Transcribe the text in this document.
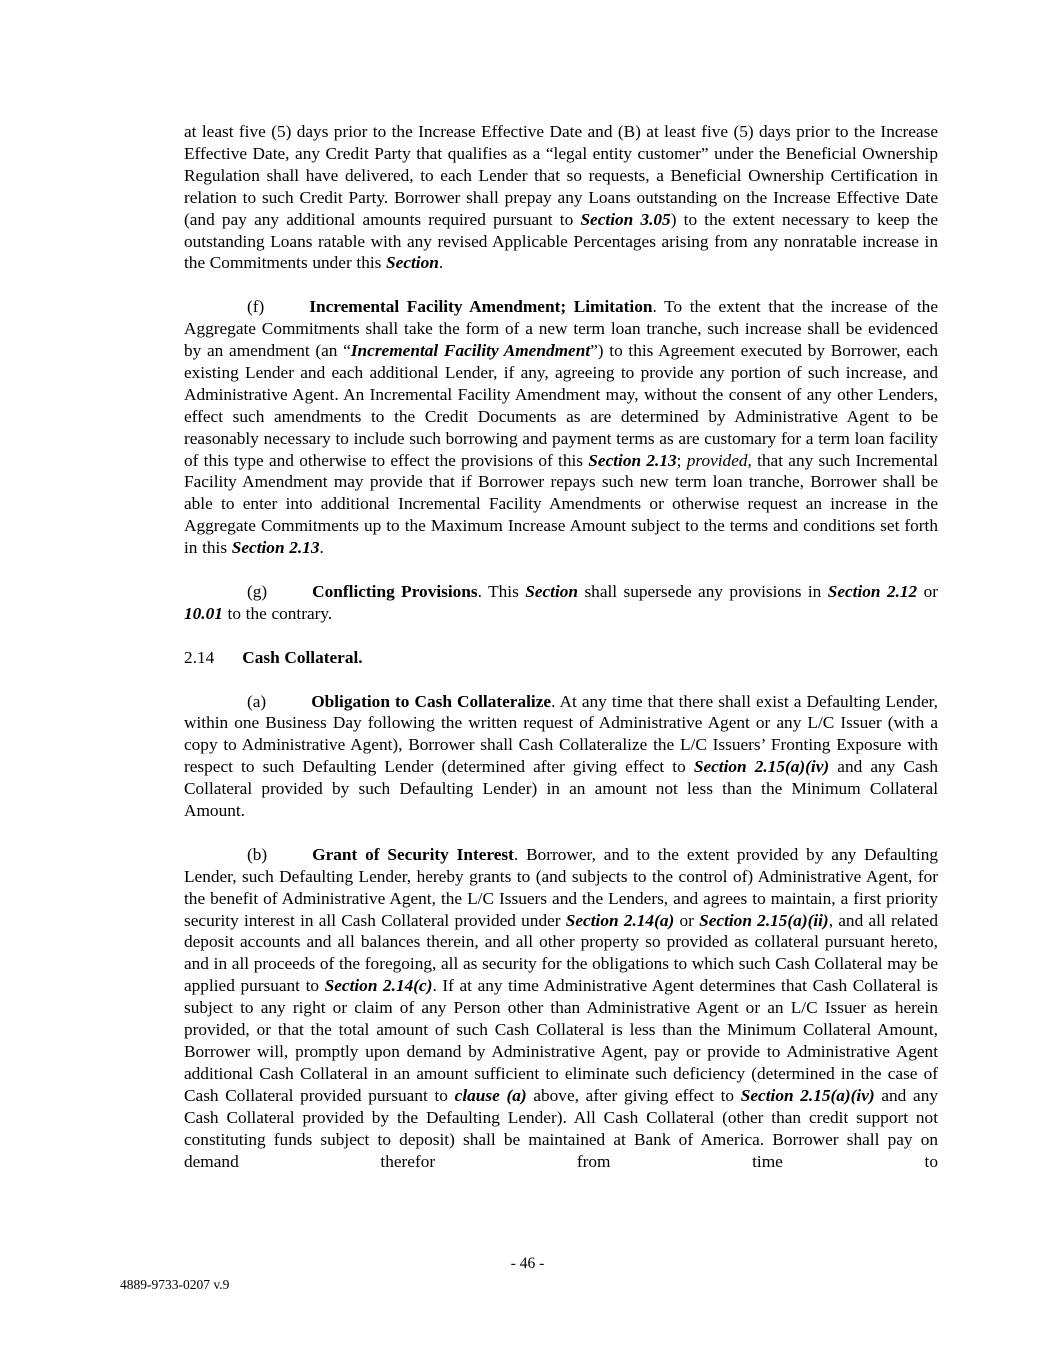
at least five (5) days prior to the Increase Effective Date and (B) at least five (5) days prior to the Increase Effective Date, any Credit Party that qualifies as a “legal entity customer” under the Beneficial Ownership Regulation shall have delivered, to each Lender that so requests, a Beneficial Ownership Certification in relation to such Credit Party. Borrower shall prepay any Loans outstanding on the Increase Effective Date (and pay any additional amounts required pursuant to Section 3.05) to the extent necessary to keep the outstanding Loans ratable with any revised Applicable Percentages arising from any nonratable increase in the Commitments under this Section.

(f)	Incremental Facility Amendment; Limitation. To the extent that the increase of the Aggregate Commitments shall take the form of a new term loan tranche, such increase shall be evidenced by an amendment (an “Incremental Facility Amendment”) to this Agreement executed by Borrower, each existing Lender and each additional Lender, if any, agreeing to provide any portion of such increase, and Administrative Agent. An Incremental Facility Amendment may, without the consent of any other Lenders, effect such amendments to the Credit Documents as are determined by Administrative Agent to be reasonably necessary to include such borrowing and payment terms as are customary for a term loan facility of this type and otherwise to effect the provisions of this Section 2.13; provided, that any such Incremental Facility Amendment may provide that if Borrower repays such new term loan tranche, Borrower shall be able to enter into additional Incremental Facility Amendments or otherwise request an increase in the Aggregate Commitments up to the Maximum Increase Amount subject to the terms and conditions set forth in this Section 2.13.

(g)	Conflicting Provisions. This Section shall supersede any provisions in Section 2.12 or 10.01 to the contrary.

2.14 Cash Collateral.

(a)	Obligation to Cash Collateralize. At any time that there shall exist a Defaulting Lender, within one Business Day following the written request of Administrative Agent or any L/C Issuer (with a copy to Administrative Agent), Borrower shall Cash Collateralize the L/C Issuers’ Fronting Exposure with respect to such Defaulting Lender (determined after giving effect to Section 2.15(a)(iv) and any Cash Collateral provided by such Defaulting Lender) in an amount not less than the Minimum Collateral Amount.

(b)	Grant of Security Interest. Borrower, and to the extent provided by any Defaulting Lender, such Defaulting Lender, hereby grants to (and subjects to the control of) Administrative Agent, for the benefit of Administrative Agent, the L/C Issuers and the Lenders, and agrees to maintain, a first priority security interest in all Cash Collateral provided under Section 2.14(a) or Section 2.15(a)(ii), and all related deposit accounts and all balances therein, and all other property so provided as collateral pursuant hereto, and in all proceeds of the foregoing, all as security for the obligations to which such Cash Collateral may be applied pursuant to Section 2.14(c). If at any time Administrative Agent determines that Cash Collateral is subject to any right or claim of any Person other than Administrative Agent or an L/C Issuer as herein provided, or that the total amount of such Cash Collateral is less than the Minimum Collateral Amount, Borrower will, promptly upon demand by Administrative Agent, pay or provide to Administrative Agent additional Cash Collateral in an amount sufficient to eliminate such deficiency (determined in the case of Cash Collateral provided pursuant to clause (a) above, after giving effect to Section 2.15(a)(iv) and any Cash Collateral provided by the Defaulting Lender). All Cash Collateral (other than credit support not constituting funds subject to deposit) shall be maintained at Bank of America. Borrower shall pay on demand therefor from time to

- 46 -
4889-9733-0207 v.9
